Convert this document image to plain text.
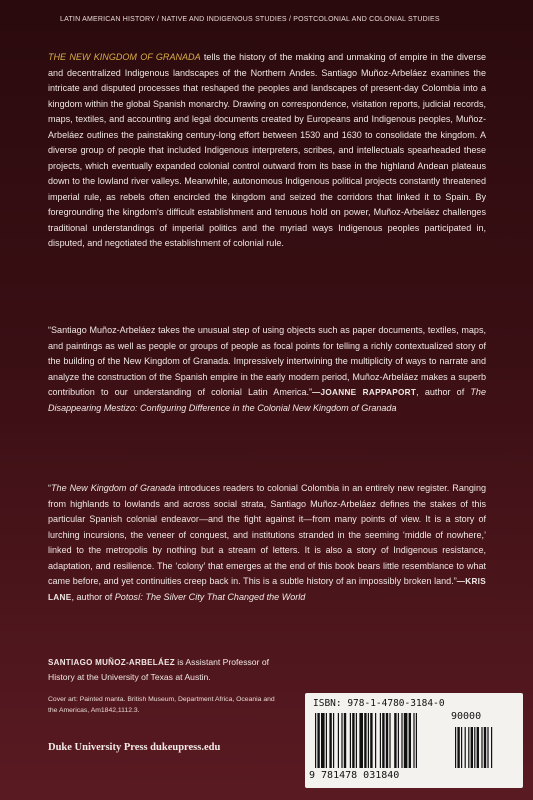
LATIN AMERICAN HISTORY / NATIVE AND INDIGENOUS STUDIES / POSTCOLONIAL AND COLONIAL STUDIES

THE NEW KINGDOM OF GRANADA tells the history of the making and unmaking of empire in the diverse and decentralized Indigenous landscapes of the Northern Andes. Santiago Muñoz-Arbeláez examines the intricate and disputed processes that reshaped the peoples and landscapes of present-day Colombia into a kingdom within the global Spanish monarchy. Drawing on correspondence, visitation reports, judicial records, maps, textiles, and accounting and legal documents created by Europeans and Indigenous peoples, Muñoz-Arbeláez outlines the painstaking century-long effort between 1530 and 1630 to consolidate the kingdom. A diverse group of people that included Indigenous interpreters, scribes, and intellectuals spearheaded these projects, which eventually expanded colonial control outward from its base in the highland Andean plateaus down to the lowland river valleys. Meanwhile, autonomous Indigenous political projects constantly threatened imperial rule, as rebels often encircled the kingdom and seized the corridors that linked it to Spain. By foregrounding the kingdom's difficult establishment and tenuous hold on power, Muñoz-Arbeláez challenges traditional understandings of imperial politics and the myriad ways Indigenous peoples participated in, disputed, and negotiated the establishment of colonial rule.

“Santiago Muñoz-Arbeláez takes the unusual step of using objects such as paper documents, textiles, maps, and paintings as well as people or groups of people as focal points for telling a richly contextualized story of the building of the New Kingdom of Granada. Impressively intertwining the multiplicity of ways to narrate and analyze the construction of the Spanish empire in the early modern period, Muñoz-Arbeláez makes a superb contribution to our understanding of colonial Latin America.”—JOANNE RAPPAPORT, author of The Disappearing Mestizo: Configuring Difference in the Colonial New Kingdom of Granada

“The New Kingdom of Granada introduces readers to colonial Colombia in an entirely new register. Ranging from highlands to lowlands and across social strata, Santiago Muñoz-Arbeláez defines the stakes of this particular Spanish colonial endeavor—and the fight against it—from many points of view. It is a story of lurching incursions, the veneer of conquest, and institutions stranded in the seeming ‘middle of nowhere,’ linked to the metropolis by nothing but a stream of letters. It is also a story of Indigenous resistance, adaptation, and resilience. The ‘colony’ that emerges at the end of this book bears little resemblance to what came before, and yet continuities creep back in. This is a subtle history of an impossibly broken land.”—KRIS LANE, author of Potosí: The Silver City That Changed the World

SANTIAGO MUÑOZ-ARBELÁEZ is Assistant Professor of History at the University of Texas at Austin.
Cover art: Painted manta. British Museum, Department Africa, Oceania and the Americas, Am1842,1112.3.
Duke University Press dukeupress.edu
ISBN: 978-1-4780-3184-0
90000
9 781478 031840
